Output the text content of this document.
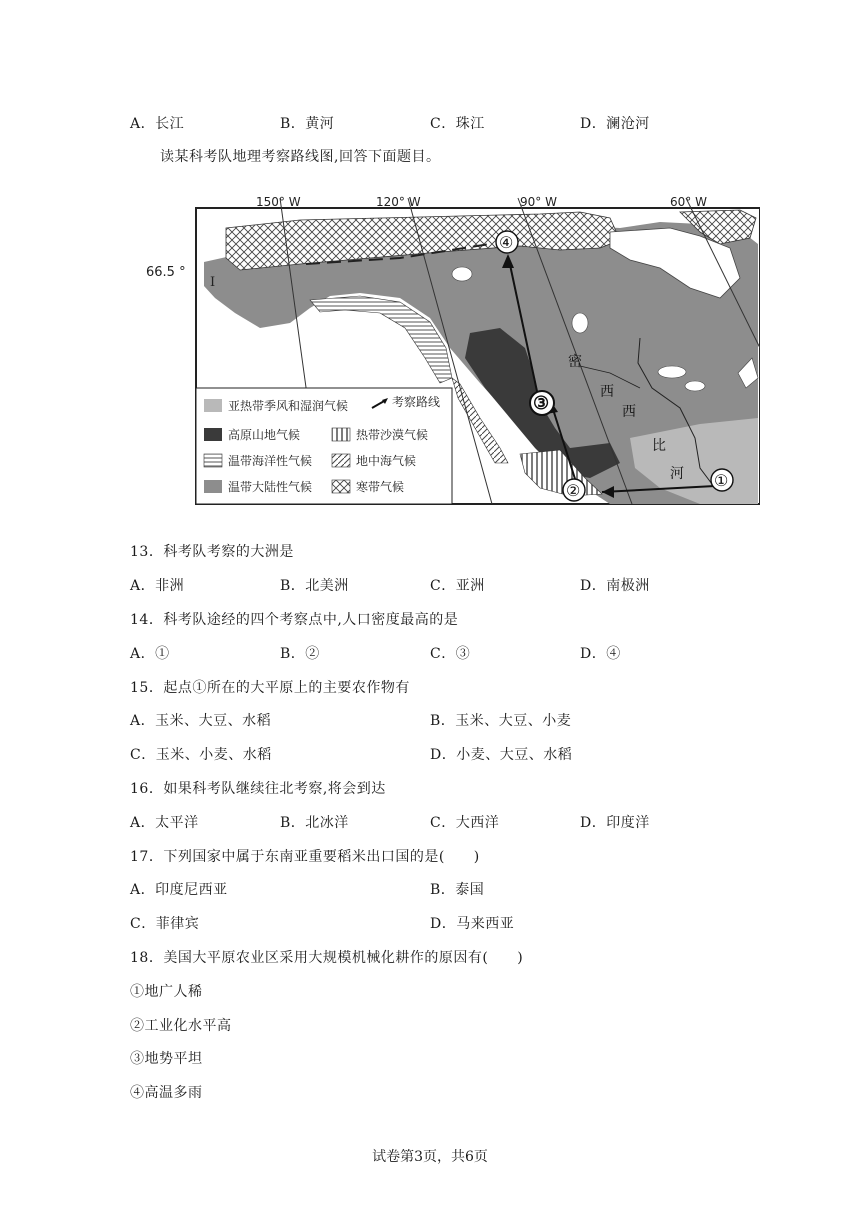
A．长江	B．黄河	C．珠江	D．澜沧河
读某科考队地理考察路线图,回答下面题目。
150° W	120° W	90° W	60° W
66.5 °
I
密
西
西
比
河 ①
②
③
④
亚热带季风和湿润气候	考察路线
高原山地气候	热带沙漠气候
温带海洋性气候	地中海气候
温带大陆性气候	寒带气候
13．科考队考察的大洲是
A．非洲	B．北美洲	C．亚洲	D．南极洲
14．科考队途经的四个考察点中,人口密度最高的是
A．①	B．②	C．③	D．④
15．起点①所在的大平原上的主要农作物有
A．玉米、大豆、水稻	B．玉米、大豆、小麦
C．玉米、小麦、水稻	D．小麦、大豆、水稻
16．如果科考队继续往北考察,将会到达
A．太平洋	B．北冰洋	C．大西洋	D．印度洋
17．下列国家中属于东南亚重要稻米出口国的是(　　)
A．印度尼西亚	B．泰国
C．菲律宾	D．马来西亚
18．美国大平原农业区采用大规模机械化耕作的原因有(　　)
①地广人稀
②工业化水平高
③地势平坦
④高温多雨
试卷第3页，共6页
